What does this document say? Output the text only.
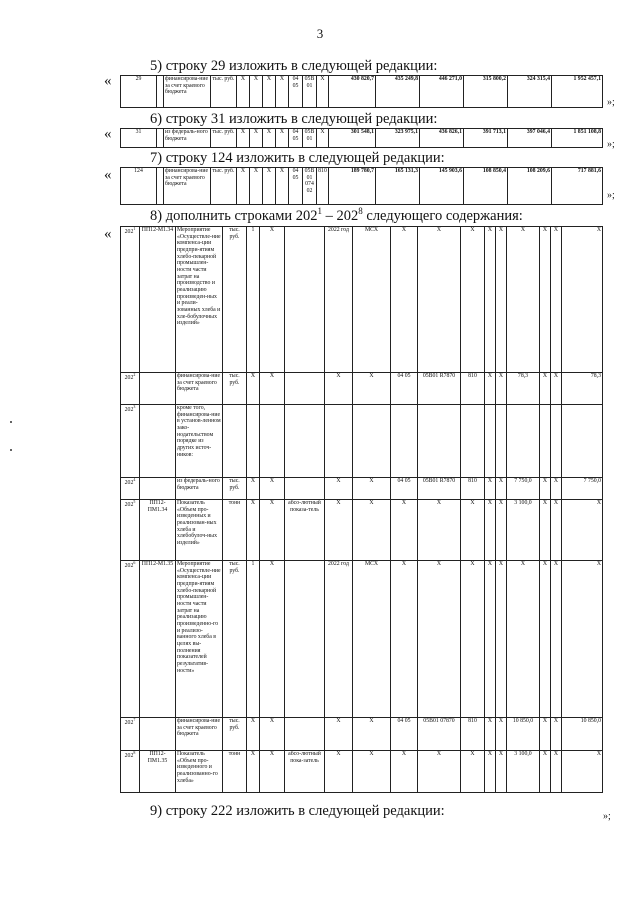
3
5) строку 29 изложить в следующей редакции:
«	29		финансирова-ние за счет краевого бюджета	тыс. руб.	Х	Х	Х	Х	04 05	05В 01	Х	430 820,7	435 249,8	446 271,0	315 800,2	324 315,4	1 952 457,1
»;
6) строку 31 изложить в следующей редакции:
«	31		из федераль-ного бюджета	тыс. руб.	Х	Х	Х	Х	04 05	05В 01	Х	301 548,1	323 975,1	436 826,1	391 713,1	397 046,4	1 851 108,8
»;
7) строку 124 изложить в следующей редакции:
«	124		финансирова-ние за счет краевого бюджета	тыс. руб.	Х	Х	Х	Х	04 05	05В 01 074 02	810	189 780,7	165 131,3	145 903,6	108 850,4	108 209,6	717 881,6
»;
8) дополнить строками $202^1 - 202^8$ следующего содержания:
« $202^1$	ПП12-М1.34	Мероприятие «Осуществле-ние компенса-ции предпри-ятиям хлебо-пекарной промышлен-ности части затрат на производство и реализацию произведен-ных и реали-зованных хлеба и хле-бобулочных изделий»	тыс. руб.	1	Х		2022 год	МСХ	Х	Х	Х	Х	Х	Х	Х	Х	Х
$202^2$		финансирова-ние за счет краевого бюджета	тыс. руб.	Х	Х		Х	Х	04 05	05В01 R7870	810	Х	Х	78,3	Х	Х	78,3
$202^3$		кроме того, финансирова-ние в установ-ленном зако-нодательством порядке из других источ-ников:															
$202^4$		из федераль-ного бюджета	тыс. руб.	Х	Х		Х	Х	04 05	05В01 R7870	810	Х	Х	7 750,0	Х	Х	7 750,0
$202^5$	ПП12-ПМ1.34	Показатель «Объем про-изведенных и реализован-ных хлеба и хлебобулоч-ных изделий»	тонн	Х	Х	абсо-лютный показа-тель	Х	Х	Х	Х	Х	Х	Х	3 100,0	Х	Х	Х
$202^6$	ПП12-М1.35	Мероприятие «Осуществле-ние компенса-ции предпри-ятиям хлебо-пекарной промышлен-ности части затрат на реализацию произведенно-го и реализо-ванного хлеба в целях вы-полнения показателей результатив-ности»	тыс. руб.	1	Х		2022 год	МСХ	Х	Х	Х	Х	Х	Х	Х	Х	Х
$202^7$		финансирова-ние за счет краевого бюджета	тыс. руб.	Х	Х		Х	Х	04 05	05В01 07870	810	Х	Х	10 850,0	Х	Х	10 850,0
$202^8$	ПП12-ПМ1.35	Показатель «Объем про-изведенного и реализованно-го хлеба»	тонн	Х	Х	абсо-лютный пока-затель	Х	Х	Х	Х	Х	Х	Х	3 100,0	Х	Х	Х
»;
9) строку 222 изложить в следующей редакции:
